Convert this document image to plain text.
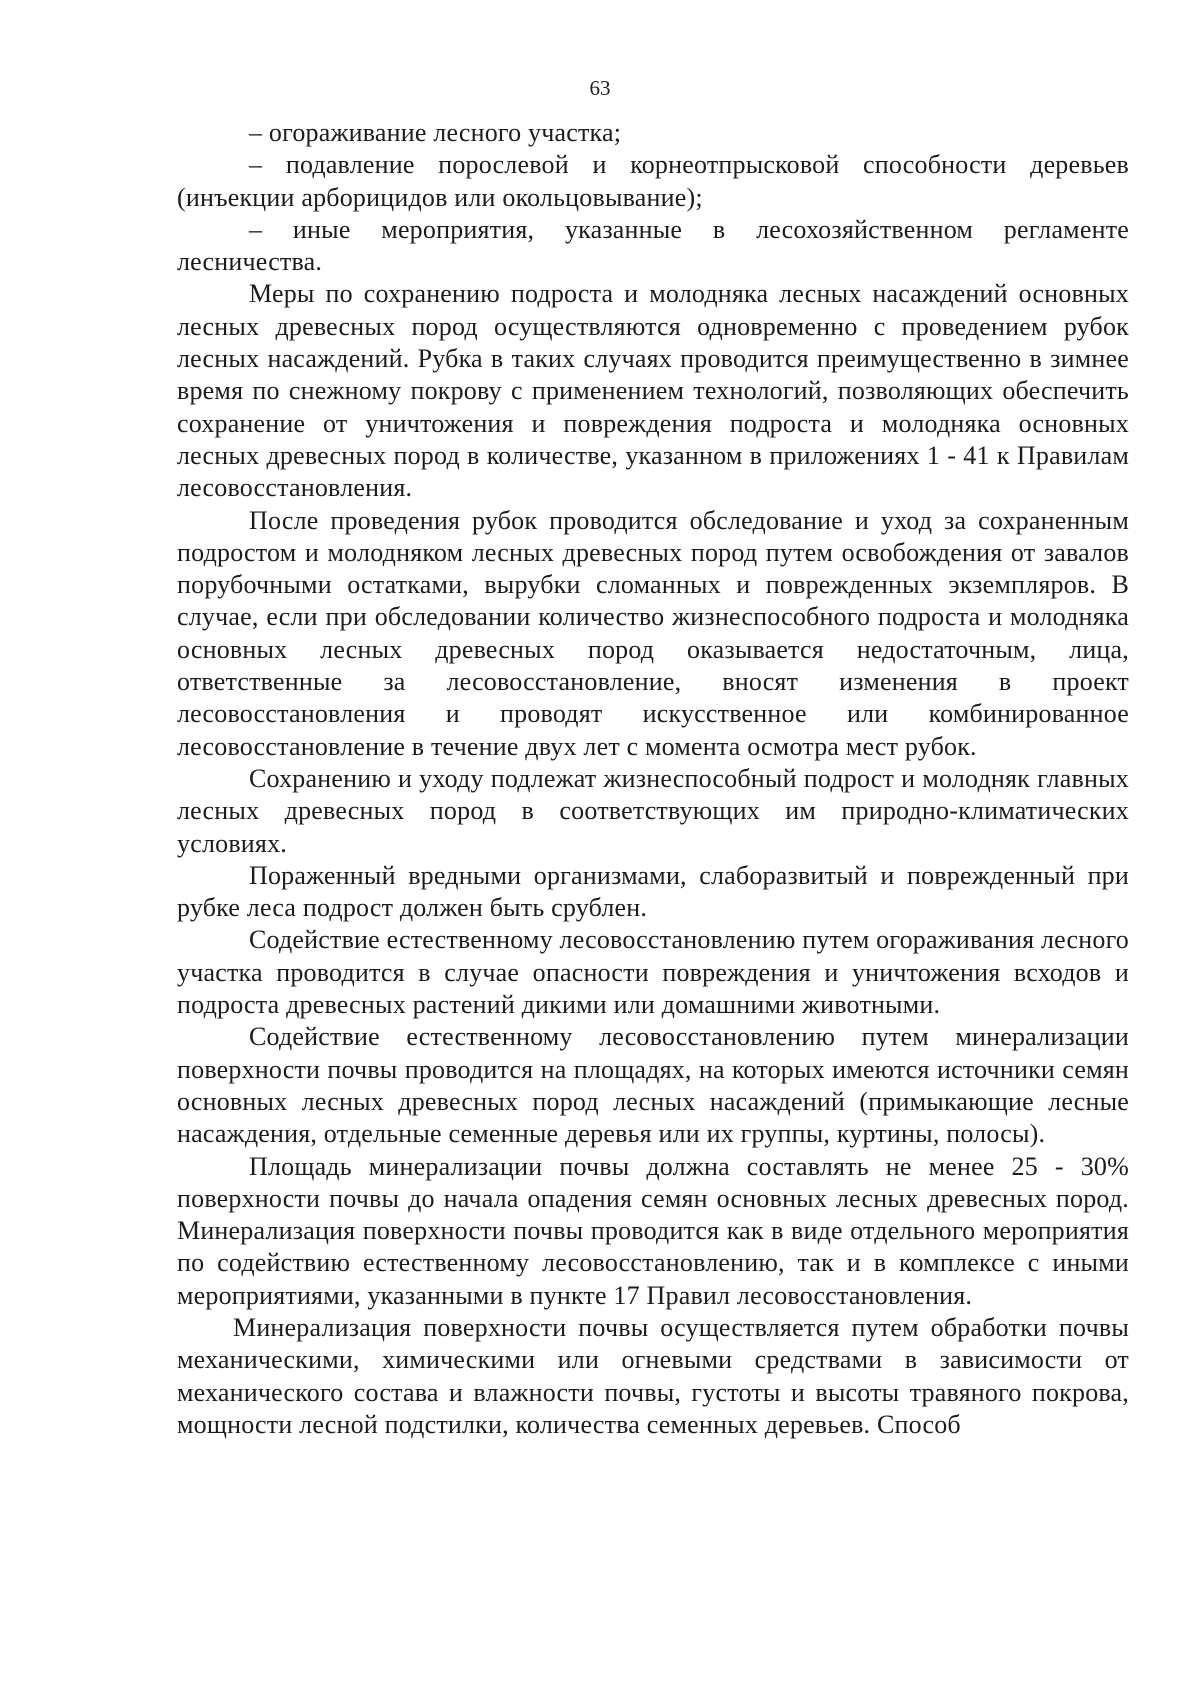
63

– огораживание лесного участка;

– подавление порослевой и корнеотпрысковой способности деревьев (инъекции арборицидов или окольцовывание);

– иные мероприятия, указанные в лесохозяйственном регламенте лесничества.

Меры по сохранению подроста и молодняка лесных насаждений основных лесных древесных пород осуществляются одновременно с проведением рубок лесных насаждений. Рубка в таких случаях проводится преимущественно в зимнее время по снежному покрову с применением технологий, позволяющих обеспечить сохранение от уничтожения и повреждения подроста и молодняка основных лесных древесных пород в количестве, указанном в приложениях 1 - 41 к Правилам лесовосстановления.

После проведения рубок проводится обследование и уход за сохраненным подростом и молодняком лесных древесных пород путем освобождения от завалов порубочными остатками, вырубки сломанных и поврежденных экземпляров. В случае, если при обследовании количество жизнеспособного подроста и молодняка основных лесных древесных пород оказывается недостаточным, лица, ответственные за лесовосстановление, вносят изменения в проект лесовосстановления и проводят искусственное или комбинированное лесовосстановление в течение двух лет с момента осмотра мест рубок.

Сохранению и уходу подлежат жизнеспособный подрост и молодняк главных лесных древесных пород в соответствующих им природно-климатических условиях.

Пораженный вредными организмами, слаборазвитый и поврежденный при рубке леса подрост должен быть срублен.

Содействие естественному лесовосстановлению путем огораживания лесного участка проводится в случае опасности повреждения и уничтожения всходов и подроста древесных растений дикими или домашними животными.

Содействие естественному лесовосстановлению путем минерализации поверхности почвы проводится на площадях, на которых имеются источники семян основных лесных древесных пород лесных насаждений (примыкающие лесные насаждения, отдельные семенные деревья или их группы, куртины, полосы).

Площадь минерализации почвы должна составлять не менее 25 - 30% поверхности почвы до начала опадения семян основных лесных древесных пород. Минерализация поверхности почвы проводится как в виде отдельного мероприятия по содействию естественному лесовосстановлению, так и в комплексе с иными мероприятиями, указанными в пункте 17 Правил лесовосстановления.

Минерализация поверхности почвы осуществляется путем обработки почвы механическими, химическими или огневыми средствами в зависимости от механического состава и влажности почвы, густоты и высоты травяного покрова, мощности лесной подстилки, количества семенных деревьев. Способ
